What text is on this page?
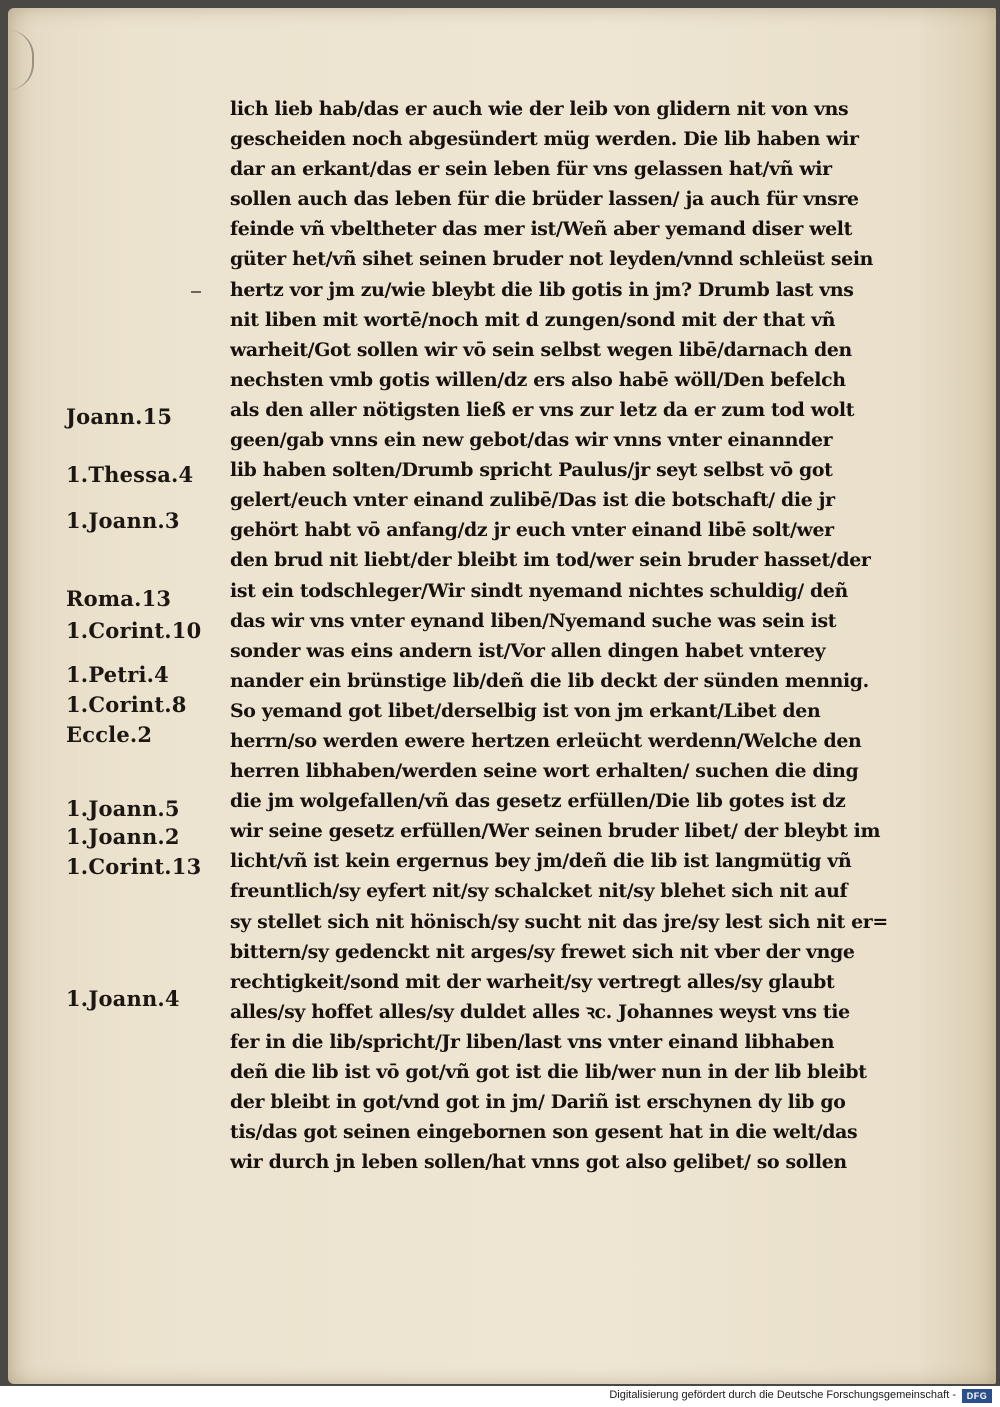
Joann.15
1.Thessa.4
1.Joann.3
Roma.13
1.Corint.10
1.Petri.4
1.Corint.8
Eccle.2
1.Joann.5
1.Joann.2
1.Corint.13
1.Joann.4
lich lieb hab/das er auch wie der leib von glidern nit von vns
gescheiden noch abgesündert müg werden. Die lib haben wir
dar an erkant/das er sein leben für vns gelassen hat/vñ wir
sollen auch das leben für die brüder lassen/ ja auch für vnsre
feinde vñ vbeltheter das mer ist/Weñ aber yemand diser welt
güter het/vñ sihet seinen bruder not leyden/vnnd schleüst sein
hertz vor jm zu/wie bleybt die lib gotis in jm? Drumb last vns
nit liben mit wortē/noch mit d zungen/sond mit der that vñ
warheit/Got sollen wir vō sein selbst wegen libē/darnach den
nechsten vmb gotis willen/dz ers also habē wöll/Den befelch
als den aller nötigsten ließ er vns zur letz da er zum tod wolt
geen/gab vnns ein new gebot/das wir vnns vnter einannder
lib haben solten/Drumb spricht Paulus/jr seyt selbst vō got
gelert/euch vnter einand zulibē/Das ist die botschaft/ die jr
gehört habt vō anfang/dz jr euch vnter einand libē solt/wer
den brud nit liebt/der bleibt im tod/wer sein bruder hasset/der
ist ein todschleger/Wir sindt nyemand nichtes schuldig/ deñ
das wir vns vnter eynand liben/Nyemand suche was sein ist
sonder was eins andern ist/Vor allen dingen habet vnterey
nander ein brünstige lib/deñ die lib deckt der sünden mennig.
So yemand got libet/derselbig ist von jm erkant/Libet den
herrn/so werden ewere hertzen erleücht werdenn/Welche den
herren libhaben/werden seine wort erhalten/ suchen die ding
die jm wolgefallen/vñ das gesetz erfüllen/Die lib gotes ist dz
wir seine gesetz erfüllen/Wer seinen bruder libet/ der bleybt im
licht/vñ ist kein ergernus bey jm/deñ die lib ist langmütig vñ
freuntlich/sy eyfert nit/sy schalcket nit/sy blehet sich nit auf
sy stellet sich nit hönisch/sy sucht nit das jre/sy lest sich nit er=
bittern/sy gedenckt nit arges/sy frewet sich nit vber der vnge
rechtigkeit/sond mit der warheit/sy vertregt alles/sy glaubt
alles/sy hoffet alles/sy duldet alles ꝛc. Johannes weyst vns tie
fer in die lib/spricht/Jr liben/last vns vnter einand libhaben
deñ die lib ist vō got/vñ got ist die lib/wer nun in der lib bleibt
der bleibt in got/vnd got in jm/ Dariñ ist erschynen dy lib go
tis/das got seinen eingebornen son gesent hat in die welt/das
wir durch jn leben sollen/hat vnns got also gelibet/ so sollen
Digitalisierung gefördert durch die Deutsche Forschungsgemeinschaft -	DFG
